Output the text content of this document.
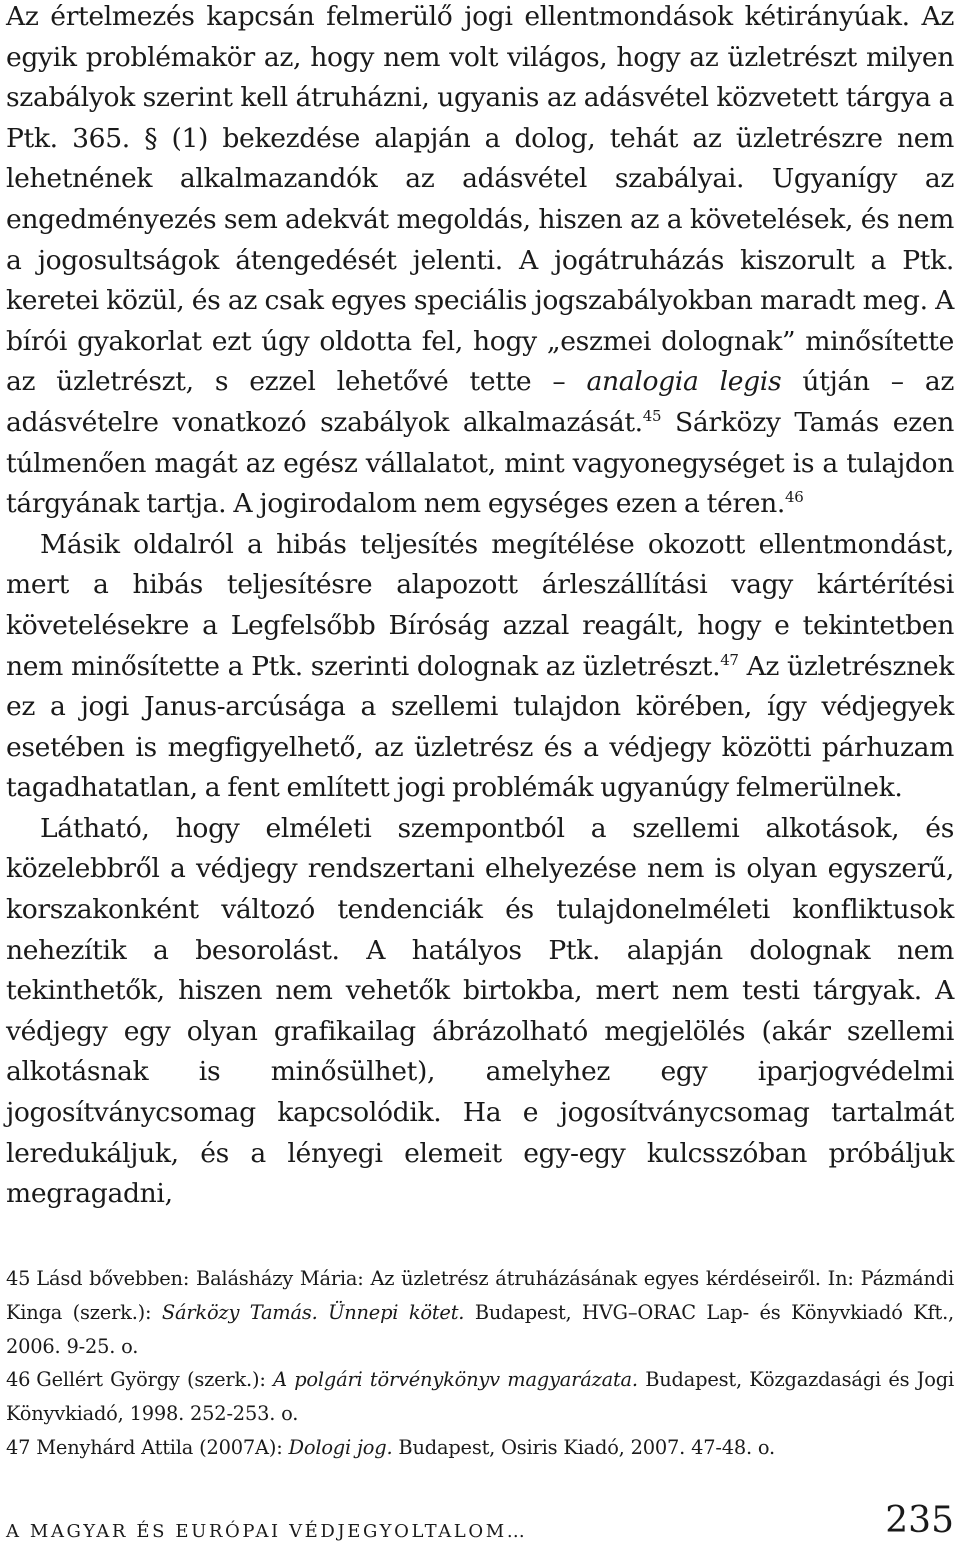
Az értelmezés kapcsán felmerülő jogi ellentmondások kétirányúak. Az egyik problémakör az, hogy nem volt világos, hogy az üzletrészt milyen szabályok szerint kell átruházni, ugyanis az adásvétel közvetett tárgya a Ptk. 365. § (1) bekezdése alapján a dolog, tehát az üzletrészre nem lehetnének alkalmazandók az adásvétel szabályai. Ugyanígy az engedményezés sem adekvát megoldás, hiszen az a követelések, és nem a jogosultságok átengedését jelenti. A jogátruházás kiszorult a Ptk. keretei közül, és az csak egyes speciális jogszabályokban maradt meg. A bírói gyakorlat ezt úgy oldotta fel, hogy „eszmei dolognak” minősítette az üzletrészt, s ezzel lehetővé tette – analogia legis útján – az adásvételre vonatkozó szabályok alkalmazását.$^{45}$ Sárközy Tamás ezen túlmenően magát az egész vállalatot, mint vagyonegységet is a tulajdon tárgyának tartja. A jogirodalom nem egységes ezen a téren.$^{46}$

Másik oldalról a hibás teljesítés megítélése okozott ellentmondást, mert a hibás teljesítésre alapozott árleszállítási vagy kártérítési követelésekre a Legfelsőbb Bíróság azzal reagált, hogy e tekintetben nem minősítette a Ptk. szerinti dolognak az üzletrészt.$^{47}$ Az üzletrésznek ez a jogi Janus-arcúsága a szellemi tulajdon körében, így védjegyek esetében is megfigyelhető, az üzletrész és a védjegy közötti párhuzam tagadhatatlan, a fent említett jogi problémák ugyanúgy felmerülnek.

Látható, hogy elméleti szempontból a szellemi alkotások, és közelebbről a védjegy rendszertani elhelyezése nem is olyan egyszerű, korszakonként változó tendenciák és tulajdonelméleti konfliktusok nehezítik a besorolást. A hatályos Ptk. alapján dolognak nem tekinthetők, hiszen nem vehetők birtokba, mert nem testi tárgyak. A védjegy egy olyan grafikailag ábrázolható megjelölés (akár szellemi alkotásnak is minősülhet), amelyhez egy iparjogvédelmi jogosítványcsomag kapcsolódik. Ha e jogosítványcsomag tartalmát leredukáljuk, és a lényegi elemeit egy-egy kulcsszóban próbáljuk megragadni,

45 Lásd bővebben: Balásházy Mária: Az üzletrész átruházásának egyes kérdéseiről. In: Pázmándi Kinga (szerk.): Sárközy Tamás. Ünnepi kötet. Budapest, HVG–ORAC Lap- és Könyvkiadó Kft., 2006. 9-25. o.

46 Gellért György (szerk.): A polgári törvénykönyv magyarázata. Budapest, Közgazdasági és Jogi Könyvkiadó, 1998. 252-253. o.

47 Menyhárd Attila (2007A): Dologi jog. Budapest, Osiris Kiadó, 2007. 47-48. o.

A MAGYAR ÉS EURÓPAI VÉDJEGYOLTALOM…	235
